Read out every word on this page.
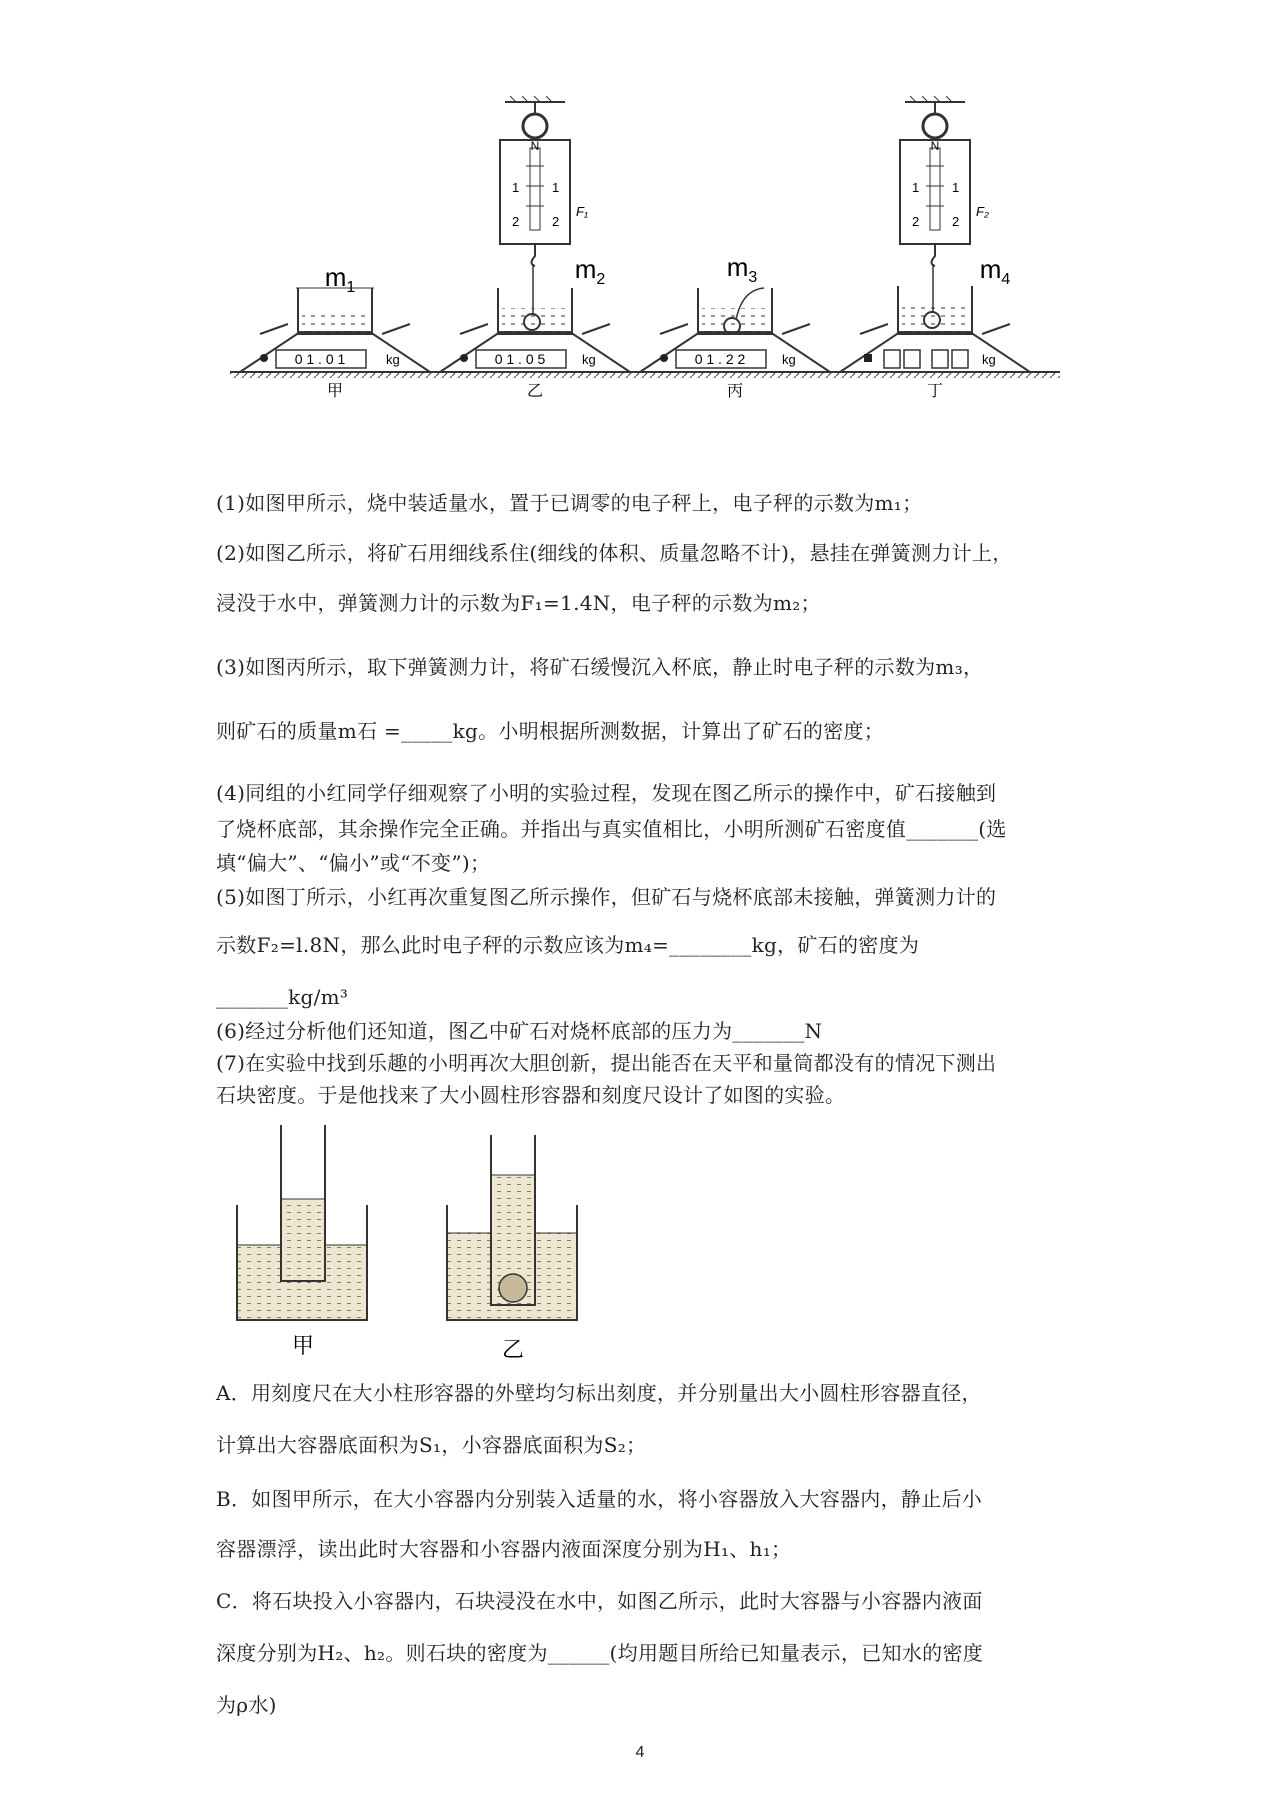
$m_1$
0 1 . 0 1	kg
甲
$m_2$
0 1 . 0 5	kg
乙
N
1	1
2	2
F₁
$m_3$
0 1 . 2 2	kg
丙
$m_4$
kg
丁
N
1	1
2	2
F₂
(1)如图甲所示，烧中装适量水，置于已调零的电子秤上，电子秤的示数为m₁；
(2)如图乙所示，将矿石用细线系住(细线的体积、质量忽略不计)，悬挂在弹簧测力计上，
浸没于水中，弹簧测力计的示数为F₁=1.4N，电子秤的示数为m₂；
(3)如图丙所示，取下弹簧测力计，将矿石缓慢沉入杯底，静止时电子秤的示数为m₃，
则矿石的质量m石 =_____kg。小明根据所测数据，计算出了矿石的密度；
(4)同组的小红同学仔细观察了小明的实验过程，发现在图乙所示的操作中，矿石接触到
了烧杯底部，其余操作完全正确。并指出与真实值相比，小明所测矿石密度值_______(选
填“偏大”、“偏小”或“不变”)；
(5)如图丁所示，小红再次重复图乙所示操作，但矿石与烧杯底部未接触，弹簧测力计的
示数F₂=l.8N，那么此时电子秤的示数应该为m₄=________kg，矿石的密度为
_______kg/m³
(6)经过分析他们还知道，图乙中矿石对烧杯底部的压力为_______N
(7)在实验中找到乐趣的小明再次大胆创新，提出能否在天平和量筒都没有的情况下测出
石块密度。于是他找来了大小圆柱形容器和刻度尺设计了如图的实验。
A．用刻度尺在大小柱形容器的外壁均匀标出刻度，并分别量出大小圆柱形容器直径，
计算出大容器底面积为S₁，小容器底面积为S₂；
B．如图甲所示，在大小容器内分别装入适量的水，将小容器放入大容器内，静止后小
容器漂浮，读出此时大容器和小容器内液面深度分别为H₁、h₁；
C．将石块投入小容器内，石块浸没在水中，如图乙所示，此时大容器与小容器内液面
深度分别为H₂、h₂。则石块的密度为______(均用题目所给已知量表示，已知水的密度
为ρ水)
甲	乙
4
